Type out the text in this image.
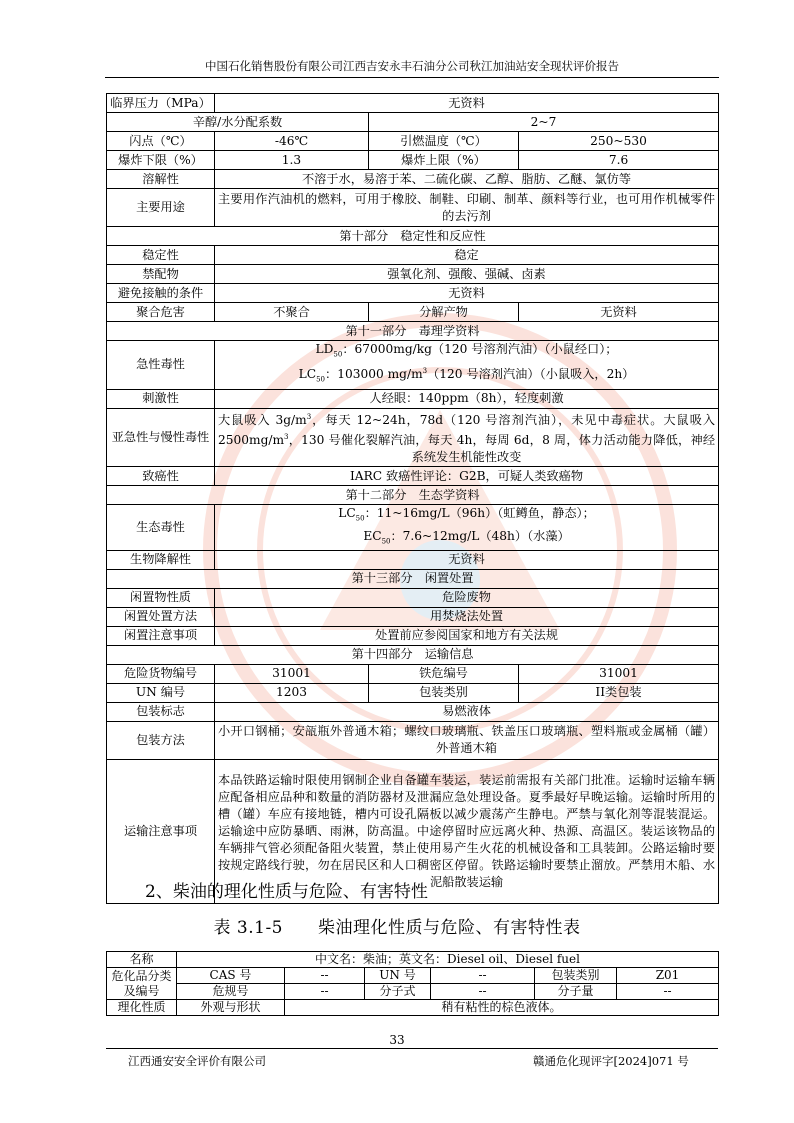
中国石化销售股份有限公司江西吉安永丰石油分公司秋江加油站安全现状评价报告
临界压力（MPa）	无资料		
辛醇/水分配系数		2~7	
闪点（℃）	-46℃	引燃温度（℃）	250~530
爆炸下限（%）	1.3	爆炸上限（%）	7.6
溶解性	不溶于水，易溶于苯、二硫化碳、乙醇、脂肪、乙醚、氯仿等		
主要用途	主要用作汽油机的燃料，可用于橡胶、制鞋、印刷、制革、颜料等行业，也可用作机械零件的去污剂		
第十部分　稳定性和反应性			
稳定性	稳定		
禁配物	强氧化剂、强酸、强碱、卤素		
避免接触的条件	无资料		
聚合危害	不聚合	分解产物	无资料
第十一部分　毒理学资料			
急性毒性	$LD_{50}$：67000mg/kg（120 号溶剂汽油）（小鼠经口）；
$LC_{50}$：103000 $mg/m^3(120$ 号溶剂汽油）（小鼠吸入，2h）		

刺激性	人经眼：140ppm（8h），轻度刺激		
亚急性与慢性毒性	大鼠吸入 $3g/m^3$，每天 12~24h，78d（120 号溶剂汽油），未见中毒症状。大鼠吸入 $2500mg/m^3$，130 号催化裂解汽油，每天 4h，每周 6d，8 周，体力活动能力降低，神经系统发生机能性改变		
致癌性	IARC 致癌性评论：G2B，可疑人类致癌物		
第十二部分　生态学资料			
生态毒性	$LC_{50}$：11~16mg/L（96h）（虹鳟鱼，静态）；
$EC_{50}$：7.6~12mg/L（48h）（水藻）		

生物降解性	无资料		
第十三部分　闲置处置			
闲置物性质	危险废物		
闲置处置方法	用焚烧法处置		
闲置注意事项	处置前应参阅国家和地方有关法规		
第十四部分　运输信息			
危险货物编号	31001	铁危编号	31001
UN 编号	1203	包装类别	II类包装
包装标志	易燃液体		
包装方法	小开口钢桶；安瓿瓶外普通木箱；螺纹口玻璃瓶、铁盖压口玻璃瓶、塑料瓶或金属桶（罐）外普通木箱		
运输注意事项	本品铁路运输时限使用钢制企业自备罐车装运，装运前需报有关部门批准。运输时运输车辆应配备相应品种和数量的消防器材及泄漏应急处理设备。夏季最好早晚运输。运输时所用的槽（罐）车应有接地链，槽内可设孔隔板以减少震荡产生静电。严禁与氧化剂等混装混运。运输途中应防暴晒、雨淋，防高温。中途停留时应远离火种、热源、高温区。装运该物品的车辆排气管必须配备阻火装置，禁止使用易产生火花的机械设备和工具装卸。公路运输时要按规定路线行驶，勿在居民区和人口稠密区停留。铁路运输时要禁止溜放。严禁用木船、水泥船散装运输		
2、柴油的理化性质与危险、有害特性
表 3.1-5　　柴油理化性质与危险、有害特性表
名称	中文名：柴油；英文名：Diesel oil、Diesel fuel					
危化品分类及编号	CAS 号	--	UN 号	--	包装类别	Z01
	危规号	--	分子式	--	分子量	--
理化性质	外观与形状	稍有粘性的棕色液体。				
33
江西通安安全评价有限公司	赣通危化现评字[2024]071 号
